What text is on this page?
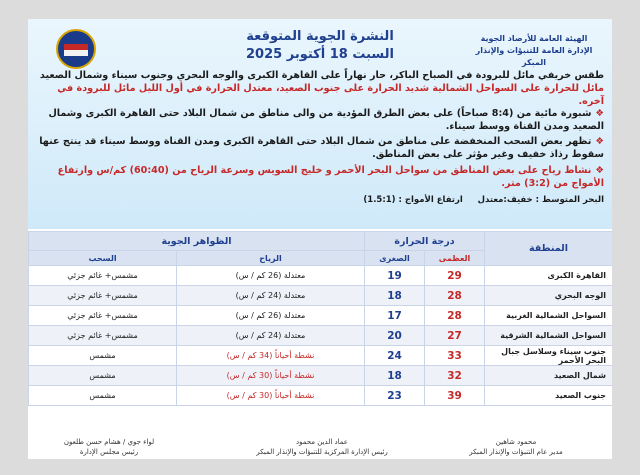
الهيئة العامة للأرصاد الجوية
الإدارة العامة للتنبؤات والإنذار المبكر
النشرة الجوية المتوقعة
السبت 18 أكتوبر 2025
طقس خريفي مائل للبرودة في الصباح الباكر، حار نهاراً على القاهرة الكبرى والوجه البحري وجنوب سيناء وشمال الصعيد
مائل للحرارة على السواحل الشمالية شديد الحرارة على جنوب الصعيد، معتدل الحرارة في أول الليل مائل للبرودة في آخره.
❖شبورة مائية من (8:4 صباحاً) على بعض الطرق المؤدية من والى مناطق من شمال البلاد حتى القاهرة الكبرى وشمال الصعيد ومدن القناة ووسط سيناء.
❖تظهر بعض السحب المنخفضة على مناطق من شمال البلاد حتى القاهرة الكبرى ومدن القناة ووسط سيناء قد ينتج عنها سقوط رذاذ خفيف وغير مؤثر على بعض المناطق.
❖نشاط رياح على بعض المناطق من سواحل البحر الأحمر و خليج السويس وسرعة الرياح من (60:40) كم/س وارتفاع الأمواج من (3:2) متر.
البحر المتوسط : خفيف:معتدل     ارتفاع الأمواج : (1.5:1)
المنطقة	درجة الحرارة		الظواهر الجوية	
	العظمى	الصغرى	الرياح	السحب
القاهرة الكبرى	29	19	معتدلة (26 كم / س)	مشمس+ غائم جزئي
الوجه البحري	28	18	معتدلة (24 كم / س)	مشمس+ غائم جزئي
السواحل الشمالية الغربية	28	17	معتدلة (26 كم / س)	مشمس+ غائم جزئي
السواحل الشمالية الشرقية	27	20	معتدلة (24 كم / س)	مشمس+ غائم جزئي
جنوب سيناء وسلاسل جبال البحر الأحمر	33	24	نشطة أحياناً (34 كم / س)	مشمس
شمال الصعيد	32	18	نشطة أحياناً (30 كم / س)	مشمس
جنوب الصعيد	39	23	نشطة أحياناً (30 كم / س)	مشمس
محمود شاهين
مدير عام التنبؤات والإنذار المبكر
عماد الدين محمود
رئيس الإدارة المركزية للتنبؤات والإنذار المبكر
لواء جوي / هشام حسن طلعون
رئيس مجلس الإدارة
